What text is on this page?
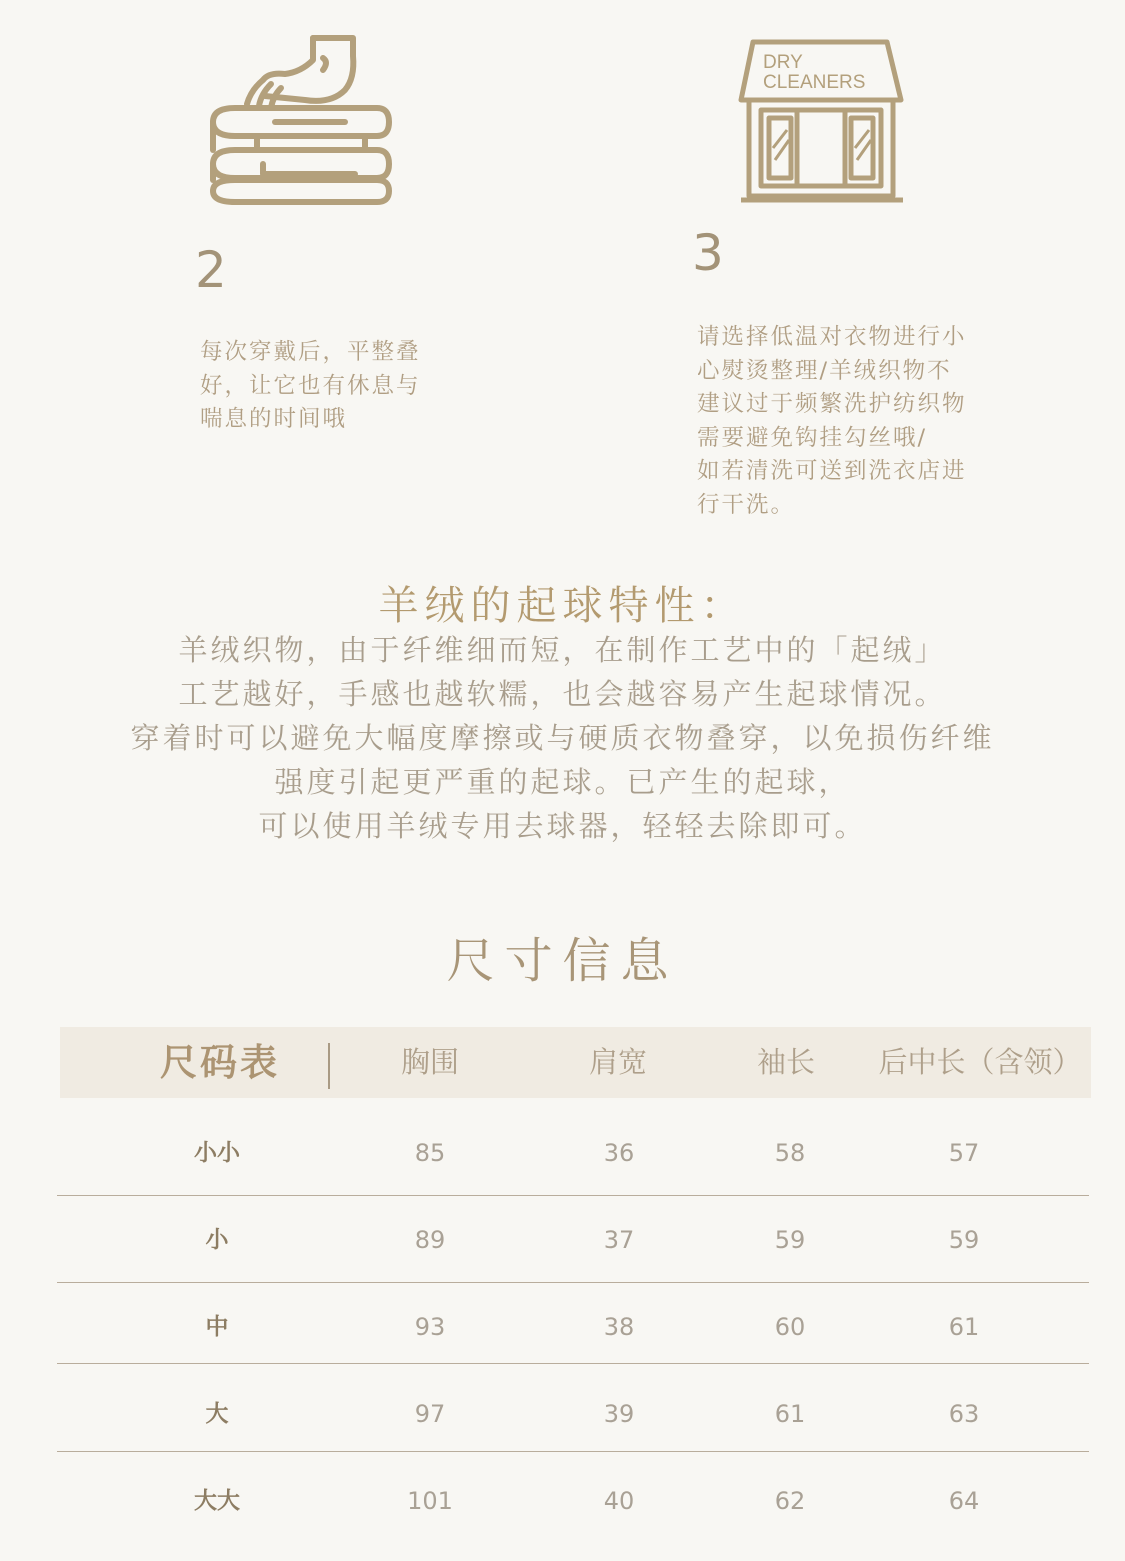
DRY
CLEANERS
2	3
每次穿戴后，平整叠
好，让它也有休息与
喘息的时间哦
请选择低温对衣物进行小
心熨烫整理/羊绒织物不
建议过于频繁洗护纺织物
需要避免钩挂勾丝哦/
如若清洗可送到洗衣店进
行干洗。
羊绒的起球特性：
羊绒织物，由于纤维细而短，在制作工艺中的「起绒」
工艺越好，手感也越软糯，也会越容易产生起球情况。
穿着时可以避免大幅度摩擦或与硬质衣物叠穿，以免损伤纤维
强度引起更严重的起球。已产生的起球，
可以使用羊绒专用去球器，轻轻去除即可。
尺寸信息
尺码表	胸围	肩宽	袖长	后中长（含领）
小小	85	36	58	57
小	89	37	59	59
中	93	38	60	61
大	97	39	61	63
大大	101	40	62	64
